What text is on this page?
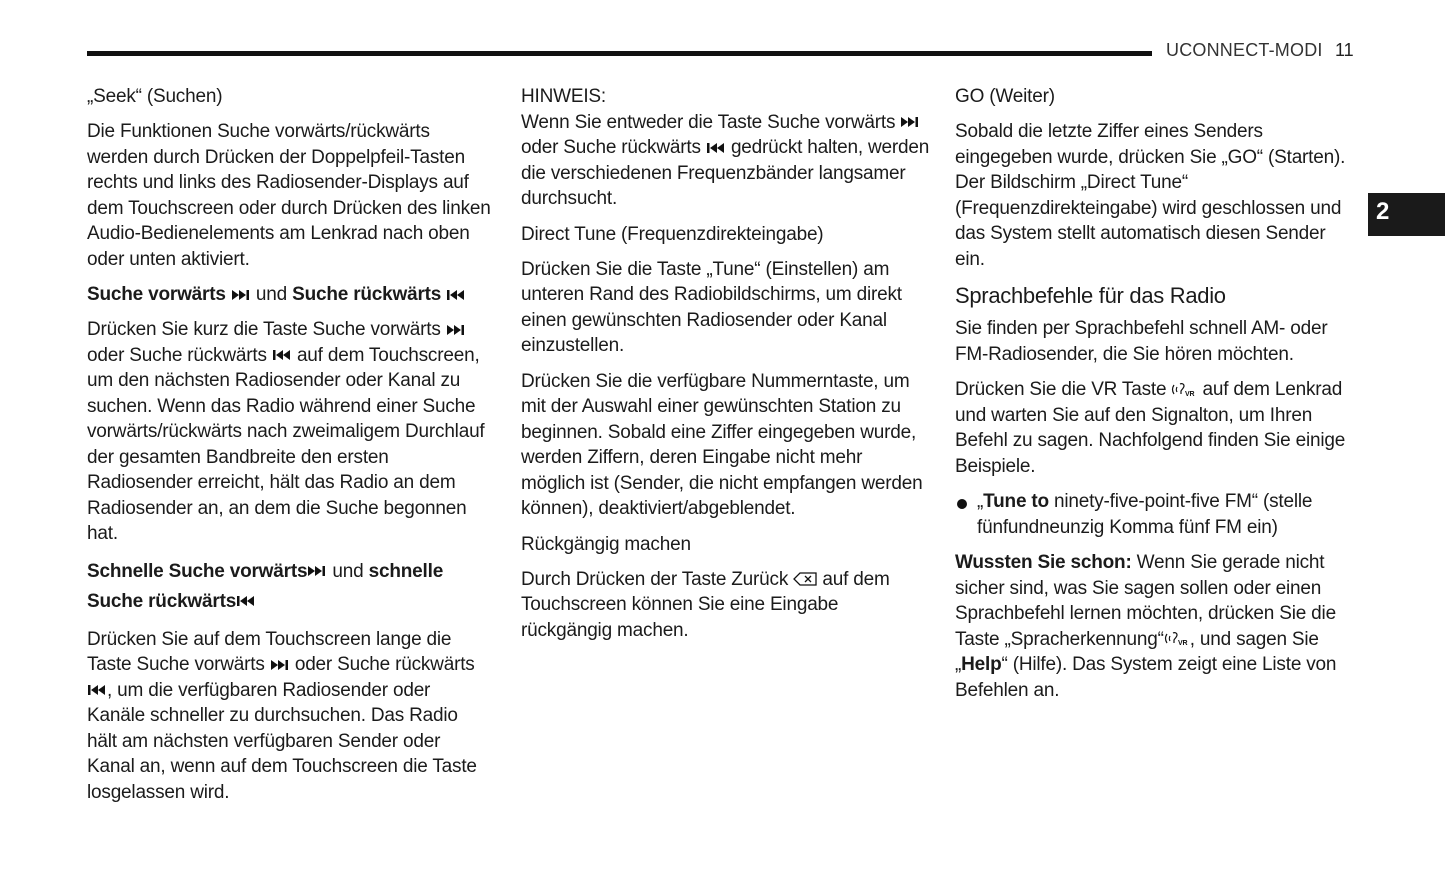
UCONNECT-MODI 11
2
„Seek“ (Suchen)
Die Funktionen Suche vorwärts/rückwärts werden durch Drücken der Doppelpfeil-Tasten rechts und links des Radiosender-Displays auf dem Touchscreen oder durch Drücken des linken Audio-Bedienelements am Lenkrad nach oben oder unten aktiviert.
Suche vorwärts und Suche rückwärts
Drücken Sie kurz die Taste Suche vorwärts  oder Suche rückwärts auf dem Touchscreen, um den nächsten Radiosender oder Kanal zu suchen. Wenn das Radio während einer Suche vorwärts/rückwärts nach zweimaligem Durchlauf der gesamten Bandbreite den ersten Radiosender erreicht, hält das Radio an dem Radiosender an, an dem die Suche begonnen hat.
Schnelle Suche vorwärts und schnelle Suche rückwärts
Drücken Sie auf dem Touchscreen lange die Taste Suche vorwärts oder Suche rückwärts , um die verfügbaren Radiosender oder Kanäle schneller zu durchsuchen. Das Radio hält am nächsten verfügbaren Sender oder Kanal an, wenn auf dem Touchscreen die Taste losgelassen wird.
HINWEIS:
Wenn Sie entweder die Taste Suche vorwärts  oder Suche rückwärts gedrückt halten, werden die verschiedenen Frequenzbänder langsamer durchsucht.
Direct Tune (Frequenzdirekteingabe)
Drücken Sie die Taste „Tune“ (Einstellen) am unteren Rand des Radiobildschirms, um direkt einen gewünschten Radiosender oder Kanal einzustellen.
Drücken Sie die verfügbare Nummerntaste, um mit der Auswahl einer gewünschten Station zu beginnen. Sobald eine Ziffer eingegeben wurde, werden Ziffern, deren Eingabe nicht mehr möglich ist (Sender, die nicht empfangen werden können), deaktiviert/abgeblendet.
Rückgängig machen
Durch Drücken der Taste Zurück auf dem Touchscreen können Sie eine Eingabe rückgängig machen.
GO (Weiter)
Sobald die letzte Ziffer eines Senders eingegeben wurde, drücken Sie „GO“ (Starten). Der Bildschirm „Direct Tune“ (Frequenzdirekteingabe) wird geschlossen und das System stellt automatisch diesen Sender ein.
Sprachbefehle für das Radio
Sie finden per Sprachbefehl schnell AM- oder FM-Radiosender, die Sie hören möchten.
Drücken Sie die VR Taste	VR auf dem Lenkrad und warten Sie auf den Signalton, um Ihren Befehl zu sagen. Nachfolgend finden Sie einige Beispiele.
„Tune to ninety-five-point-five FM“ (stelle fünfundneunzig Komma fünf FM ein)
Wussten Sie schon: Wenn Sie gerade nicht sicher sind, was Sie sagen sollen oder einen Sprachbefehl lernen möchten, drücken Sie die Taste „Spracherkennung“ VR , und sagen Sie „Help“ (Hilfe). Das System zeigt eine Liste von Befehlen an.
